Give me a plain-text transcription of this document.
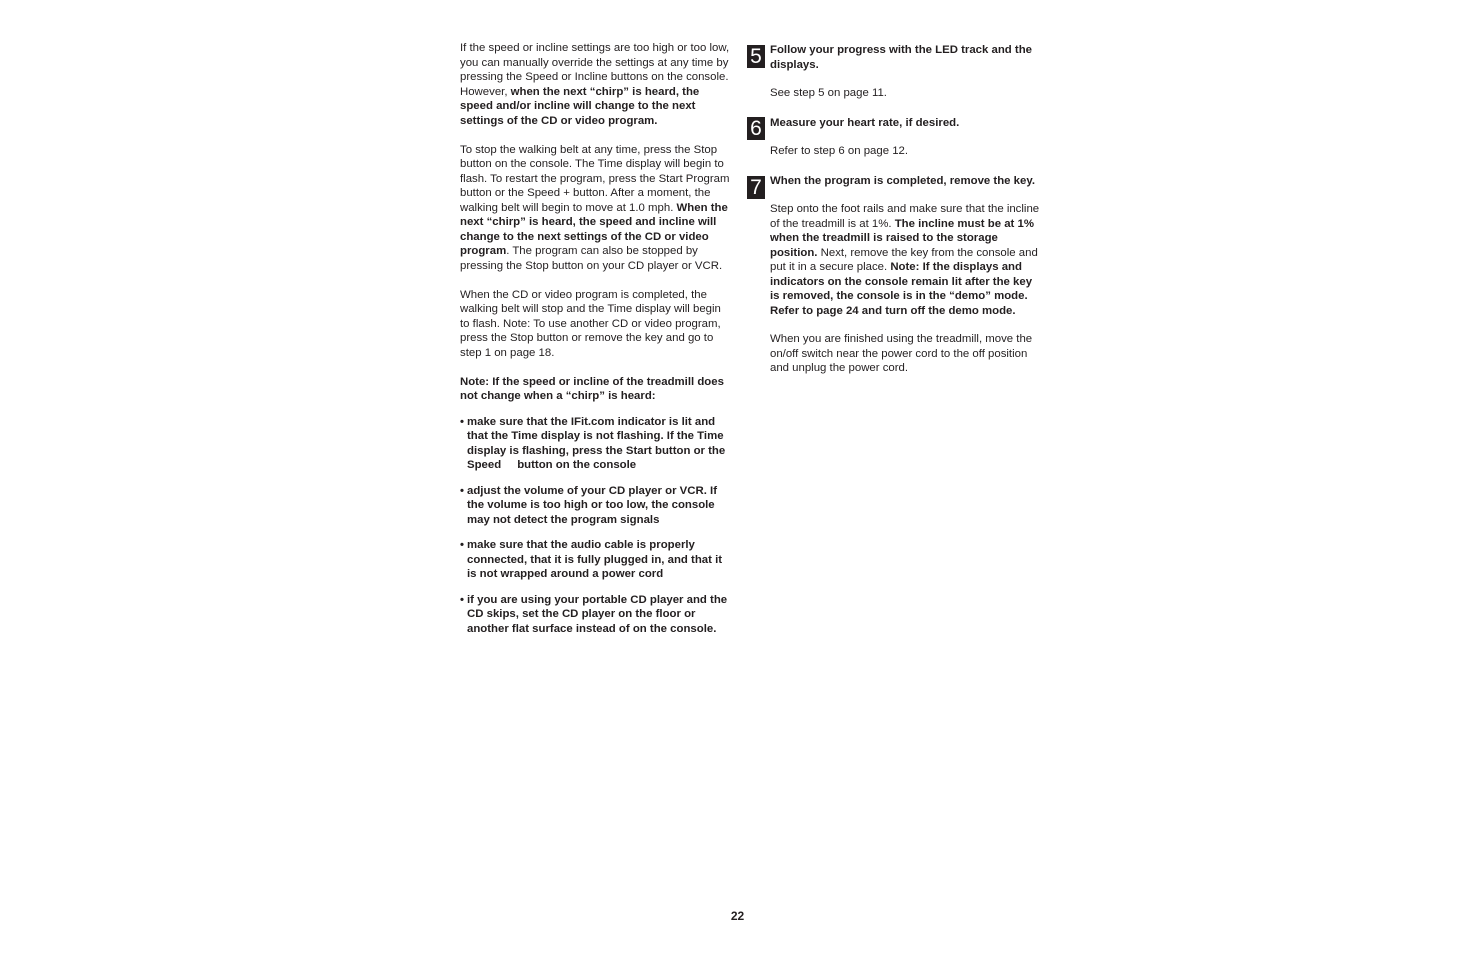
If the speed or incline settings are too high or too low, you can manually override the settings at any time by pressing the Speed or Incline buttons on the console. However, when the next “chirp” is heard, the speed and/or incline will change to the next settings of the CD or video program.

To stop the walking belt at any time, press the Stop button on the console. The Time display will begin to flash. To restart the program, press the Start Program button or the Speed + button. After a moment, the walking belt will begin to move at 1.0 mph. When the next “chirp” is heard, the speed and incline will change to the next settings of the CD or video program. The program can also be stopped by pressing the Stop button on your CD player or VCR.

When the CD or video program is completed, the walking belt will stop and the Time display will begin to flash. Note: To use another CD or video program, press the Stop button or remove the key and go to step 1 on page 18.

Note: If the speed or incline of the treadmill does not change when a “chirp” is heard:

• make sure that the IFit.com indicator is lit and that the Time display is not flashing. If the Time display is flashing, press the Start button or the Speed button on the console
• adjust the volume of your CD player or VCR. If the volume is too high or too low, the console may not detect the program signals
• make sure that the audio cable is properly connected, that it is fully plugged in, and that it is not wrapped around a power cord
• if you are using your portable CD player and the CD skips, set the CD player on the floor or another flat surface instead of on the console.
5 Follow your progress with the LED track and the displays.

See step 5 on page 11.

6 Measure your heart rate, if desired.

Refer to step 6 on page 12.

7 When the program is completed, remove the key.

Step onto the foot rails and make sure that the incline of the treadmill is at 1%. The incline must be at 1% when the treadmill is raised to the storage position. Next, remove the key from the console and put it in a secure place. Note: If the displays and indicators on the console remain lit after the key is removed, the console is in the “demo” mode. Refer to page 24 and turn off the demo mode.

When you are finished using the treadmill, move the on/off switch near the power cord to the off position and unplug the power cord.

22
